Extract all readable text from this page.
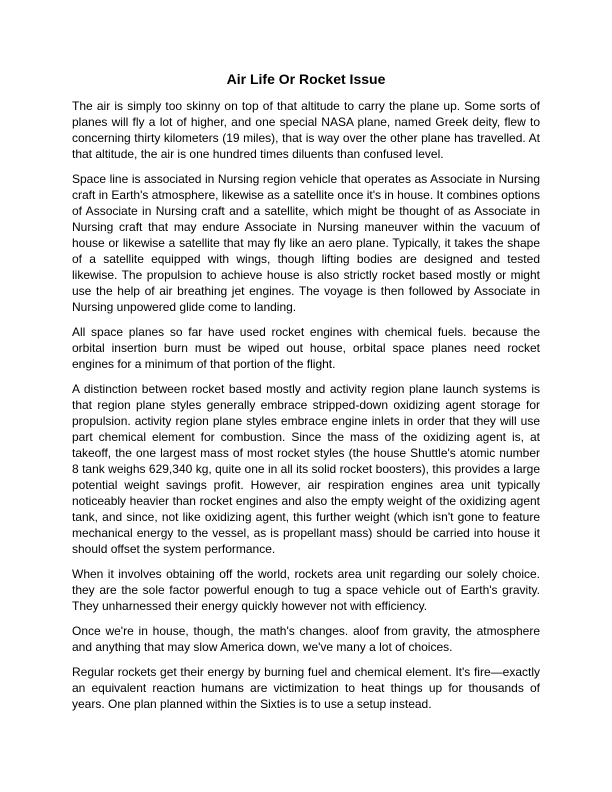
Air Life Or Rocket Issue

The air is simply too skinny on top of that altitude to carry the plane up. Some sorts of planes will fly a lot of higher, and one special NASA plane, named Greek deity, flew to concerning thirty kilometers (19 miles), that is way over the other plane has travelled. At that altitude, the air is one hundred times diluents than confused level.

Space line is associated in Nursing region vehicle that operates as Associate in Nursing craft in Earth's atmosphere, likewise as a satellite once it's in house. It combines options of Associate in Nursing craft and a satellite, which might be thought of as Associate in Nursing craft that may endure Associate in Nursing maneuver within the vacuum of house or likewise a satellite that may fly like an aero plane. Typically, it takes the shape of a satellite equipped with wings, though lifting bodies are designed and tested likewise. The propulsion to achieve house is also strictly rocket based mostly or might use the help of air breathing jet engines. The voyage is then followed by Associate in Nursing unpowered glide come to landing.

All space planes so far have used rocket engines with chemical fuels. because the orbital insertion burn must be wiped out house, orbital space planes need rocket engines for a minimum of that portion of the flight.

A distinction between rocket based mostly and activity region plane launch systems is that region plane styles generally embrace stripped-down oxidizing agent storage for propulsion. activity region plane styles embrace engine inlets in order that they will use part chemical element for combustion. Since the mass of the oxidizing agent is, at takeoff, the one largest mass of most rocket styles (the house Shuttle's atomic number 8 tank weighs 629,340 kg, quite one in all its solid rocket boosters), this provides a large potential weight savings profit. However, air respiration engines area unit typically noticeably heavier than rocket engines and also the empty weight of the oxidizing agent tank, and since, not like oxidizing agent, this further weight (which isn't gone to feature mechanical energy to the vessel, as is propellant mass) should be carried into house it should offset the system performance.

When it involves obtaining off the world, rockets area unit regarding our solely choice. they are the sole factor powerful enough to tug a space vehicle out of Earth's gravity. They unharnessed their energy quickly however not with efficiency.

Once we're in house, though, the math's changes. aloof from gravity, the atmosphere and anything that may slow America down, we've many a lot of choices.

Regular rockets get their energy by burning fuel and chemical element. It's fire—exactly an equivalent reaction humans are victimization to heat things up for thousands of years. One plan planned within the Sixties is to use a setup instead.
